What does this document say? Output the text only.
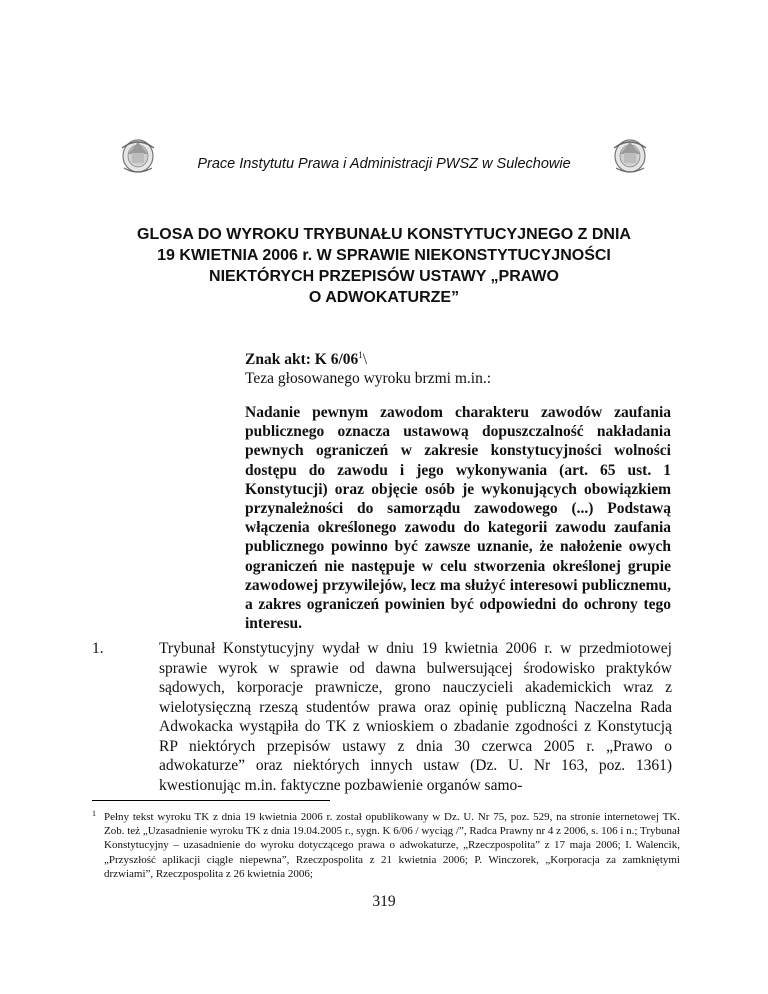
Prace Instytutu Prawa i Administracji PWSZ w Sulechowie
GLOSA DO WYROKU TRYBUNAŁU KONSTYTUCYJNEGO Z DNIA
19 KWIETNIA 2006 r. W SPRAWIE NIEKONSTYTUCYJNOŚCI
NIEKTÓRYCH PRZEPISÓW USTAWY „PRAWO
O ADWOKATURZE”
Znak akt: K $6/06^1\backslash$
Teza głosowanego wyroku brzmi m.in.:
Nadanie pewnym zawodom charakteru zawodów zaufania publicznego oznacza ustawową dopuszczalność nakładania pewnych ograniczeń w zakresie konstytucyjności wolności dostępu do zawodu i jego wykonywania (art. 65 ust. 1 Konstytucji) oraz objęcie osób je wykonujących obowiązkiem przynależności do samorządu zawodowego (...) Podstawą włączenia określonego zawodu do kategorii zawodu zaufania publicznego powinno być zawsze uznanie, że nałożenie owych ograniczeń nie następuje w celu stworzenia określonej grupie zawodowej przywilejów, lecz ma służyć interesowi publicznemu, a zakres ograniczeń powinien być odpowiedni do ochrony tego interesu.
1.	Trybunał Konstytucyjny wydał w dniu 19 kwietnia 2006 r. w przedmiotowej sprawie wyrok w sprawie od dawna bulwersującej środowisko praktyków sądowych, korporacje prawnicze, grono nauczycieli akademickich wraz z wielotysięczną rzeszą studentów prawa oraz opinię publiczną Naczelna Rada Adwokacka wystąpiła do TK z wnioskiem o zbadanie zgodności z Konstytucją RP niektórych przepisów ustawy z dnia 30 czerwca 2005 r. „Prawo o adwokaturze” oraz niektórych innych ustaw (Dz. U. Nr 163, poz. 1361) kwestionując m.in. faktyczne pozbawienie organów samo-
1 Pełny tekst wyroku TK z dnia 19 kwietnia 2006 r. został opublikowany w Dz. U. Nr 75, poz. 529, na stronie internetowej TK. Zob. też „Uzasadnienie wyroku TK z dnia 19.04.2005 r., sygn. K 6/06 / wyciąg /”, Radca Prawny nr 4 z 2006, s. 106 i n.; Trybunał Konstytucyjny – uzasadnienie do wyroku dotyczącego prawa o adwokaturze, „Rzeczpospolita” z 17 maja 2006; I. Walencik, „Przyszłość aplikacji ciągle niepewna”, Rzeczpospolita z 21 kwietnia 2006; P. Winczorek, „Korporacja za zamkniętymi drzwiami”, Rzeczpospolita z 26 kwietnia 2006;
319
